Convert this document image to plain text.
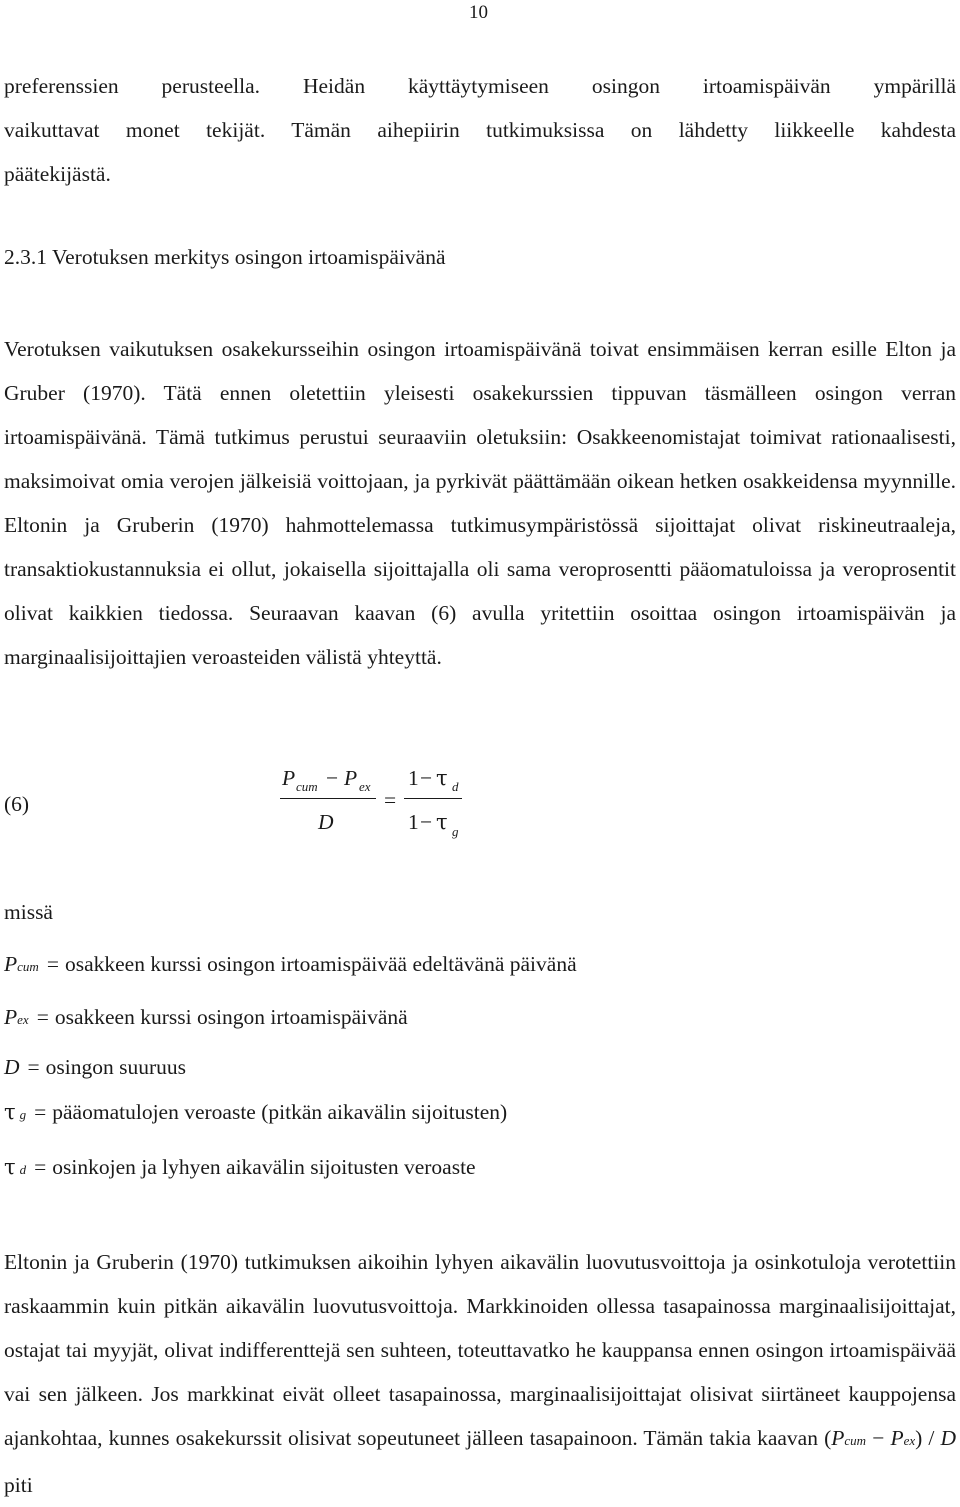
10

preferenssien perusteella. Heidän käyttäytymiseen osingon irtoamispäivän ympärillä

vaikuttavat monet tekijät. Tämän aihepiirin tutkimuksissa on lähdetty liikkeelle kahdesta

päätekijästä.

2.3.1 Verotuksen merkitys osingon irtoamispäivänä

Verotuksen vaikutuksen osakekursseihin osingon irtoamispäivänä toivat ensimmäisen kerran esille Elton ja Gruber (1970). Tätä ennen oletettiin yleisesti osakekurssien tippuvan täsmälleen osingon verran irtoamispäivänä. Tämä tutkimus perustui seuraaviin oletuksiin: Osakkeenomistajat toimivat rationaalisesti, maksimoivat omia verojen jälkeisiä voittojaan, ja pyrkivät päättämään oikean hetken osakkeidensa myynnille. Eltonin ja Gruberin (1970) hahmottelemassa tutkimusympäristössä sijoittajat olivat riskineutraaleja, transaktiokustannuksia ei ollut, jokaisella sijoittajalla oli sama veroprosentti pääomatuloissa ja veroprosentit olivat kaikkien tiedossa. Seuraavan kaavan (6) avulla yritettiin osoittaa osingon irtoamispäivän ja marginaalisijoittajien veroasteiden välistä yhteyttä.

(6)
P cum − P ex
D
=
1 − τ d
1 − τ g
missä
Pcum = osakkeen kurssi osingon irtoamispäivää edeltävänä päivänä
Pex = osakkeen kurssi osingon irtoamispäivänä
D = osingon suuruus
τg = pääomatulojen veroaste (pitkän aikavälin sijoitusten)
τd = osinkojen ja lyhyen aikavälin sijoitusten veroaste

Eltonin ja Gruberin (1970) tutkimuksen aikoihin lyhyen aikavälin luovutusvoittoja ja osinkotuloja verotettiin raskaammin kuin pitkän aikavälin luovutusvoittoja. Markkinoiden ollessa tasapainossa marginaalisijoittajat, ostajat tai myyjät, olivat indifferenttejä sen suhteen, toteuttavatko he kauppansa ennen osingon irtoamispäivää vai sen jälkeen. Jos markkinat eivät olleet tasapainossa, marginaalisijoittajat olisivat siirtäneet kauppojensa ajankohtaa, kunnes osakekurssit olisivat sopeutuneet jälleen tasapainoon. Tämän takia kaavan (Pcum − Pex) / D piti
